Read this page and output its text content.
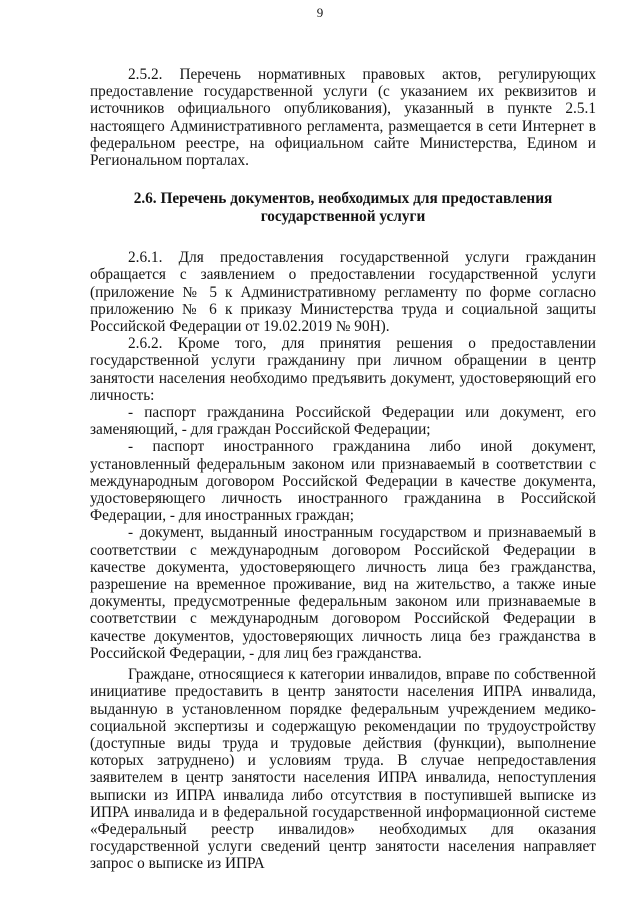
9

2.5.2. Перечень нормативных правовых актов, регулирующих предоставление государственной услуги (с указанием их реквизитов и источников официального опубликования), указанный в пункте 2.5.1 настоящего Административного регламента, размещается в сети Интернет в федеральном реестре, на официальном сайте Министерства, Едином и Региональном порталах.

2.6. Перечень документов, необходимых для предоставления
государственной услуги

2.6.1. Для предоставления государственной услуги гражданин обращается с заявлением о предоставлении государственной услуги (приложение № 5 к Административному регламенту по форме согласно приложению № 6 к приказу Министерства труда и социальной защиты Российской Федерации от 19.02.2019 № 90Н).

2.6.2. Кроме того, для принятия решения о предоставлении государственной услуги гражданину при личном обращении в центр занятости населения необходимо предъявить документ, удостоверяющий его личность:

- паспорт гражданина Российской Федерации или документ, его заменяющий, - для граждан Российской Федерации;

- паспорт иностранного гражданина либо иной документ, установленный федеральным законом или признаваемый в соответствии с международным договором Российской Федерации в качестве документа, удостоверяющего личность иностранного гражданина в Российской Федерации, - для иностранных граждан;

- документ, выданный иностранным государством и признаваемый в соответствии с международным договором Российской Федерации в качестве документа, удостоверяющего личность лица без гражданства, разрешение на временное проживание, вид на жительство, а также иные документы, предусмотренные федеральным законом или признаваемые в соответствии с международным договором Российской Федерации в качестве документов, удостоверяющих личность лица без гражданства в Российской Федерации, - для лиц без гражданства.

Граждане, относящиеся к категории инвалидов, вправе по собственной инициативе предоставить в центр занятости населения ИПРА инвалида, выданную в установленном порядке федеральным учреждением медико-социальной экспертизы и содержащую рекомендации по трудоустройству (доступные виды труда и трудовые действия (функции), выполнение которых затруднено) и условиям труда. В случае непредоставления заявителем в центр занятости населения ИПРА инвалида, непоступления выписки из ИПРА инвалида либо отсутствия в поступившей выписке из ИПРА инвалида и в федеральной государственной информационной системе «Федеральный реестр инвалидов» необходимых для оказания государственной услуги сведений центр занятости населения направляет запрос о выписке из ИПРА
